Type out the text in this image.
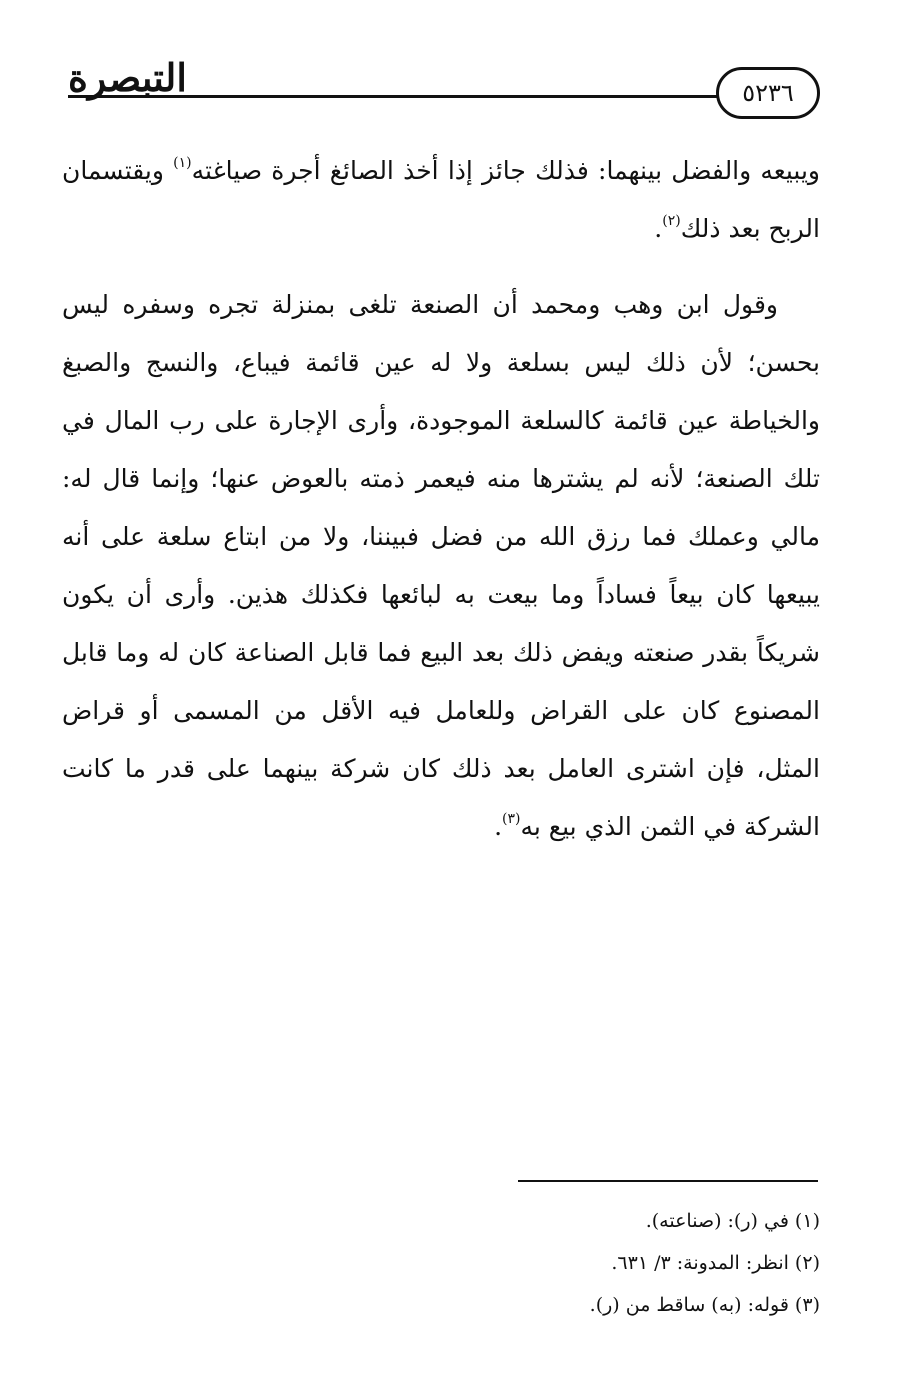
التبصرة	٥٢٣٦

ويبيعه والفضل بينهما: فذلك جائز إذا أخذ الصائغ أجرة صياغته$^{(١)}$ ويقتسمان الربح بعد ذلك$^{(٢)}$.

وقول ابن وهب ومحمد أن الصنعة تلغى بمنزلة تجره وسفره ليس بحسن؛ لأن ذلك ليس بسلعة ولا له عين قائمة فيباع، والنسج والصبغ والخياطة عين قائمة كالسلعة الموجودة، وأرى الإجارة على رب المال في تلك الصنعة؛ لأنه لم يشترها منه فيعمر ذمته بالعوض عنها؛ وإنما قال له: مالي وعملك فما رزق الله من فضل فبيننا، ولا من ابتاع سلعة على أنه يبيعها كان بيعاً فساداً وما بيعت به لبائعها فكذلك هذين. وأرى أن يكون شريكاً بقدر صنعته ويفض ذلك بعد البيع فما قابل الصناعة كان له وما قابل المصنوع كان على القراض وللعامل فيه الأقل من المسمى أو قراض المثل، فإن اشترى العامل بعد ذلك كان شركة بينهما على قدر ما كانت الشركة في الثمن الذي بيع به$^{(٣)}$.

(١) في (ر): (صناعته).

(٢) انظر: المدونة: ٣/ ٦٣١.

(٣) قوله: (به) ساقط من (ر).
